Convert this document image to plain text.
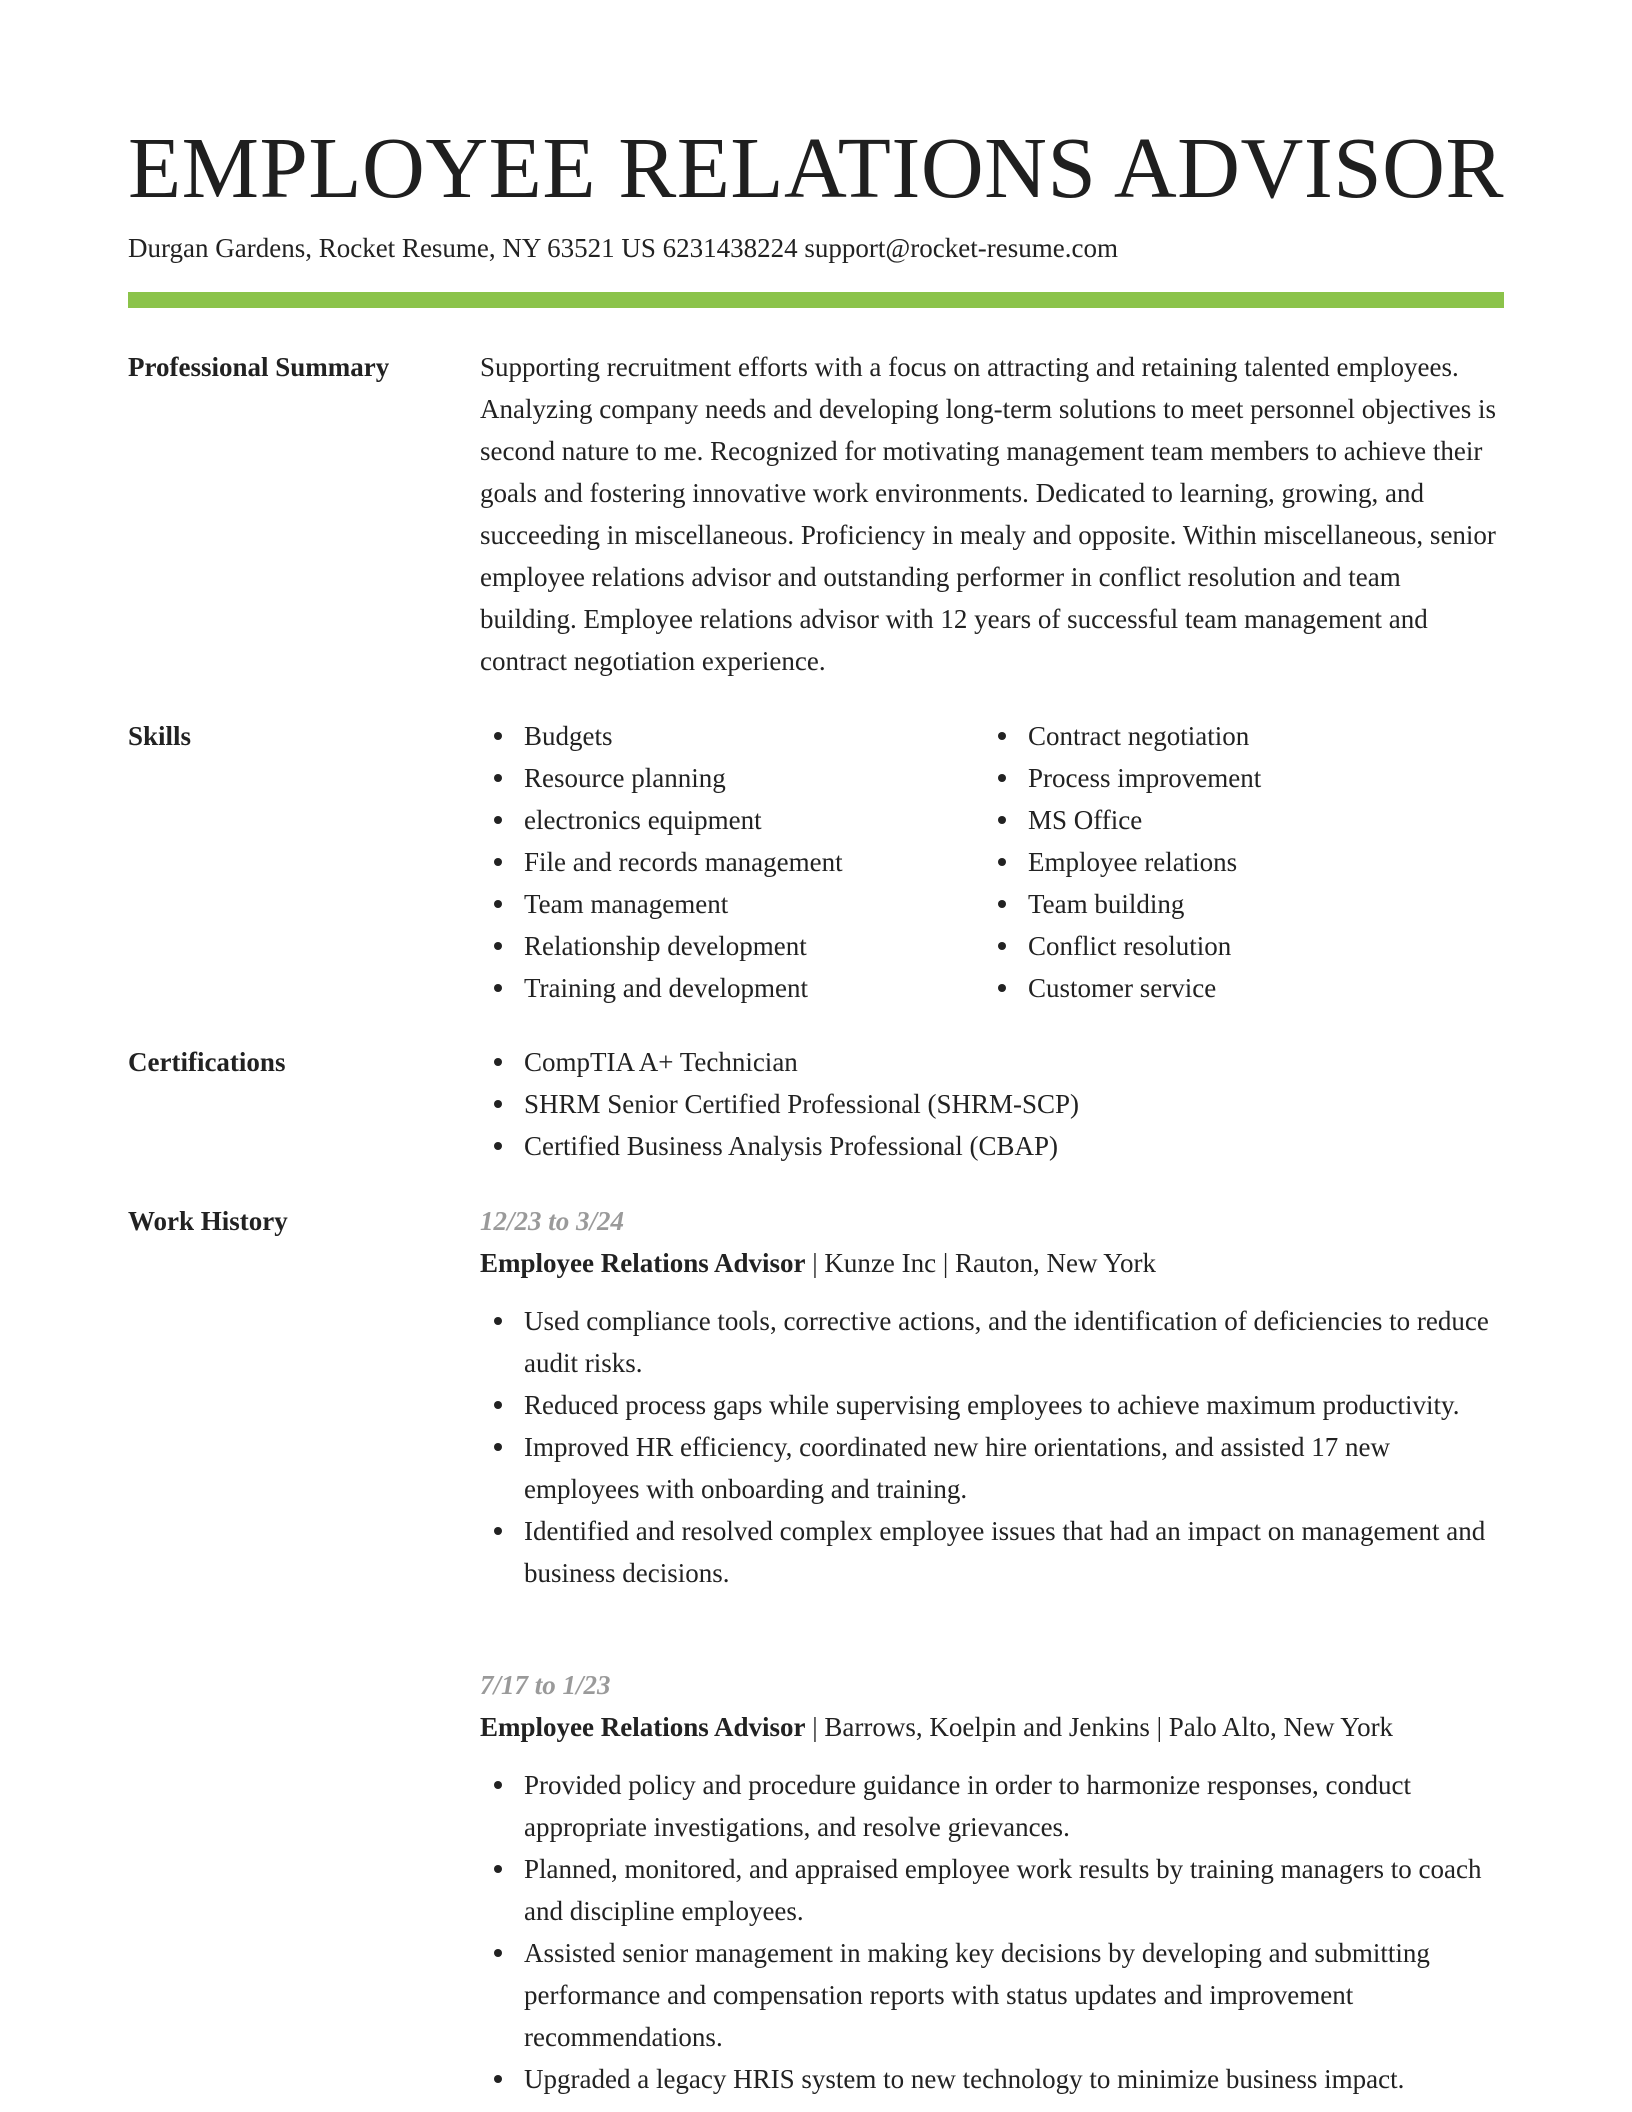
EMPLOYEE RELATIONS ADVISOR
Durgan Gardens, Rocket Resume, NY 63521 US 6231438224 support@rocket-resume.com
Professional Summary	Supporting recruitment efforts with a focus on attracting and retaining talented employees. Analyzing company needs and developing long-term solutions to meet personnel objectives is second nature to me. Recognized for motivating management team members to achieve their goals and fostering innovative work environments. Dedicated to learning, growing, and succeeding in miscellaneous. Proficiency in mealy and opposite. Within miscellaneous, senior employee relations advisor and outstanding performer in conflict resolution and team building. Employee relations advisor with 12 years of successful team management and contract negotiation experience.

Skills	Budgets
Resource planning
electronics equipment
File and records management
Team management
Relationship development
Training and development
Contract negotiation
Process improvement
MS Office
Employee relations
Team building
Conflict resolution
Customer service
Certifications	CompTIA A+ Technician
SHRM Senior Certified Professional (SHRM-SCP)
Certified Business Analysis Professional (CBAP)
Work History	12/23 to 3/24
Employee Relations Advisor | Kunze Inc | Rauton, New York
Used compliance tools, corrective actions, and the identification of deficiencies to reduce audit risks.
Reduced process gaps while supervising employees to achieve maximum productivity.
Improved HR efficiency, coordinated new hire orientations, and assisted 17 new employees with onboarding and training.
Identified and resolved complex employee issues that had an impact on management and business decisions.
7/17 to 1/23
Employee Relations Advisor | Barrows, Koelpin and Jenkins | Palo Alto, New York
Provided policy and procedure guidance in order to harmonize responses, conduct appropriate investigations, and resolve grievances.
Planned, monitored, and appraised employee work results by training managers to coach and discipline employees.
Assisted senior management in making key decisions by developing and submitting performance and compensation reports with status updates and improvement recommendations.
Upgraded a legacy HRIS system to new technology to minimize business impact.
